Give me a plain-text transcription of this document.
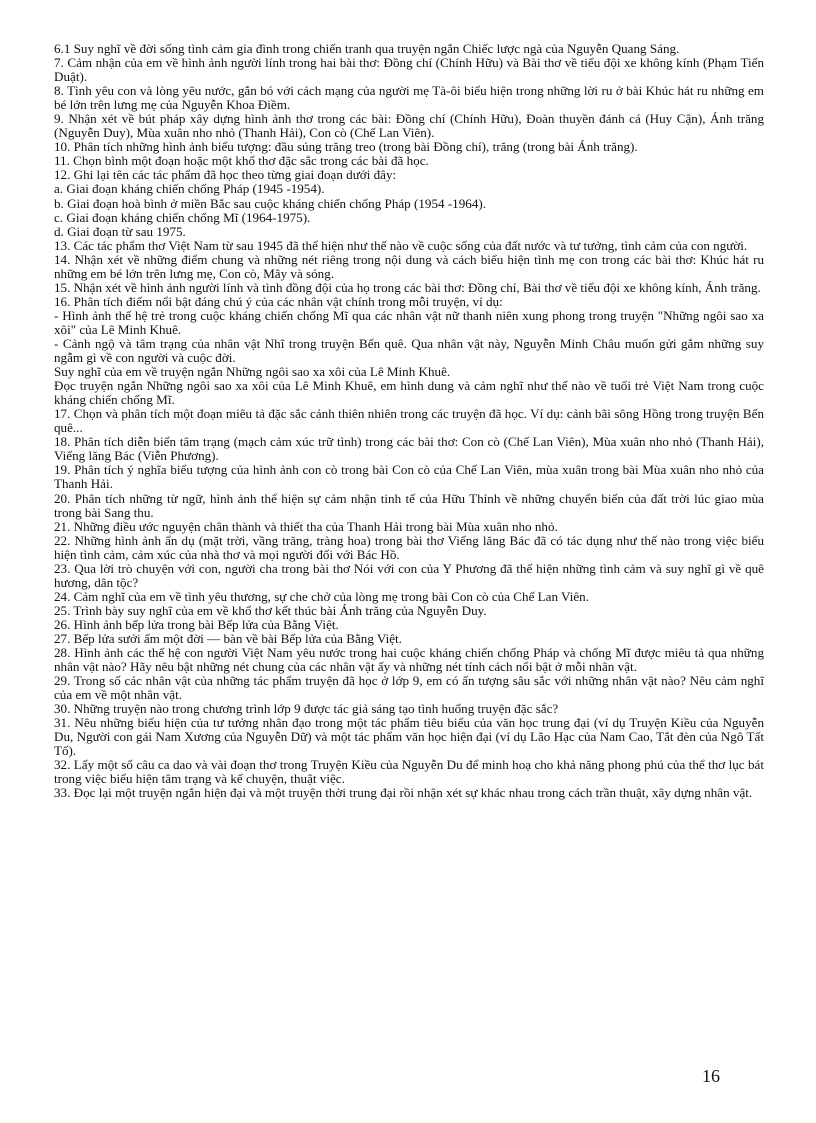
6.1 Suy nghĩ về đời sống tình cảm gia đình trong chiến tranh qua truyện ngắn Chiếc lược ngà của Nguyễn Quang Sáng.
7. Cảm nhận của em về hình ảnh người lính trong hai bài thơ: Đồng chí (Chính Hữu) và Bài thơ về tiểu đội xe không kính (Phạm Tiến Duật).
8. Tình yêu con và lòng yêu nước, gắn bó với cách mạng của người mẹ Tà-ôi biểu hiện trong những lời ru ở bài Khúc hát ru những em bé lớn trên lưng mẹ của Nguyễn Khoa Điềm.
9. Nhận xét về bút pháp xây dựng hình ảnh thơ trong các bài: Đồng chí (Chính Hữu), Đoàn thuyền đánh cá (Huy Cận), Ánh trăng (Nguyễn Duy), Mùa xuân nho nhỏ (Thanh Hải), Con cò (Chế Lan Viên).
10. Phân tích những hình ảnh biểu tượng: đầu súng trăng treo (trong bài Đồng chí), trăng (trong bài Ánh trăng).
11. Chọn bình một đoạn hoặc một khổ thơ đặc sắc trong các bài đã học.
12. Ghi lại tên các tác phẩm đã học theo từng giai đoạn dưới đây:
a. Giai đoạn kháng chiến chống Pháp (1945 -1954).
b. Giai đoạn hoà bình ở miền Bắc sau cuộc kháng chiến chống Pháp (1954 -1964).
c. Giai đoạn kháng chiến chống Mĩ (1964-1975).
d. Giai đoạn từ sau 1975.
13. Các tác phẩm thơ Việt Nam từ sau 1945 đã thể hiện như thế nào về cuộc sống của đất nước và tư tưởng, tình cảm của con người.
14. Nhận xét về những điểm chung và những nét riêng trong nội dung và cách biểu hiện tình mẹ con trong các bài thơ: Khúc hát ru những em bé lớn trên lưng mẹ, Con cò, Mây và sóng.
15. Nhận xét về hình ảnh người lính và tình đồng đội của họ trong các bài thơ: Đồng chí, Bài thơ về tiểu đội xe không kính, Ánh trăng.
16. Phân tích điểm nổi bật đáng chú ý của các nhân vật chính trong mỗi truyện, ví dụ:
- Hình ảnh thế hệ trẻ trong cuộc kháng chiến chống Mĩ qua các nhân vật nữ thanh niên xung phong trong truyện "Những ngôi sao xa xôi" của Lê Minh Khuê.
- Cảnh ngộ và tâm trạng của nhân vật Nhĩ trong truyện Bến quê. Qua nhân vật này, Nguyễn Minh Châu muốn gửi gắm những suy ngẫm gì về con người và cuộc đời.
Suy nghĩ của em về truyện ngắn Những ngôi sao xa xôi của Lê Minh Khuê.
Đọc truyện ngắn Những ngôi sao xa xôi của Lê Minh Khuê, em hình dung và cảm nghĩ như thế nào về tuổi trẻ Việt Nam trong cuộc kháng chiến chống Mĩ.
17. Chọn và phân tích một đoạn miêu tả đặc sắc cảnh thiên nhiên trong các truyện đã học. Ví dụ: cảnh bãi sông Hồng trong truyện Bến quê...
18. Phân tích diễn biến tâm trạng (mạch cảm xúc trữ tình) trong các bài thơ: Con cò (Chế Lan Viên), Mùa xuân nho nhỏ (Thanh Hải), Viếng lăng Bác (Viễn Phương).
19. Phân tích ý nghĩa biểu tượng của hình ảnh con cò trong bài Con cò của Chế Lan Viên, mùa xuân trong bài Mùa xuân nho nhỏ của Thanh Hải.
20. Phân tích những từ ngữ, hình ảnh thể hiện sự cảm nhận tinh tế của Hữu Thỉnh về những chuyển biến của đất trời lúc giao mùa trong bài Sang thu.
21. Những điều ước nguyện chân thành và thiết tha của Thanh Hải trong bài Mùa xuân nho nhỏ.
22. Những hình ảnh ẩn dụ (mặt trời, vầng trăng, tràng hoa) trong bài thơ Viếng lăng Bác đã có tác dụng như thế nào trong việc biểu hiện tình cảm, cảm xúc của nhà thơ và mọi người đối với Bác Hồ.
23. Qua lời trò chuyện với con, người cha trong bài thơ Nói với con của Y Phương đã thể hiện những tình cảm và suy nghĩ gì về quê hương, dân tộc?
24. Cảm nghĩ của em về tình yêu thương, sự che chở của lòng mẹ trong bài Con cò của Chế Lan Viên.
25. Trình bày suy nghĩ của em về khổ thơ kết thúc bài Ánh trăng của Nguyễn Duy.
26. Hình ảnh bếp lửa trong bài Bếp lửa của Bằng Việt.
27. Bếp lửa sưởi ấm một đời — bàn về bài Bếp lửa của Bằng Việt.
28. Hình ảnh các thế hệ con người Việt Nam yêu nước trong hai cuộc kháng chiến chống Pháp và chống Mĩ được miêu tả qua những nhân vật nào? Hãy nêu bật những nét chung của các nhân vật ấy và những nét tính cách nổi bật ở mỗi nhân vật.
29. Trong số các nhân vật của những tác phẩm truyện đã học ở lớp 9, em có ấn tượng sâu sắc với những nhân vật nào? Nêu cảm nghĩ của em về một nhân vật.
30. Những truyện nào trong chương trình lớp 9 được tác giả sáng tạo tình huống truyện đặc sắc?
31. Nêu những biểu hiện của tư tưởng nhân đạo trong một tác phẩm tiêu biểu của văn học trung đại (ví dụ Truyện Kiều của Nguyễn Du, Người con gái Nam Xương của Nguyễn Dữ) và một tác phẩm văn học hiện đại (ví dụ Lão Hạc của Nam Cao, Tắt đèn của Ngô Tất Tố).
32. Lấy một số câu ca dao và vài đoạn thơ trong Truyện Kiều của Nguyễn Du để minh hoạ cho khả năng phong phú của thể thơ lục bát trong việc biểu hiện tâm trạng và kể chuyện, thuật việc.
33. Đọc lại một truyện ngắn hiện đại và một truyện thời trung đại rồi nhận xét sự khác nhau trong cách trần thuật, xây dựng nhân vật.
16
